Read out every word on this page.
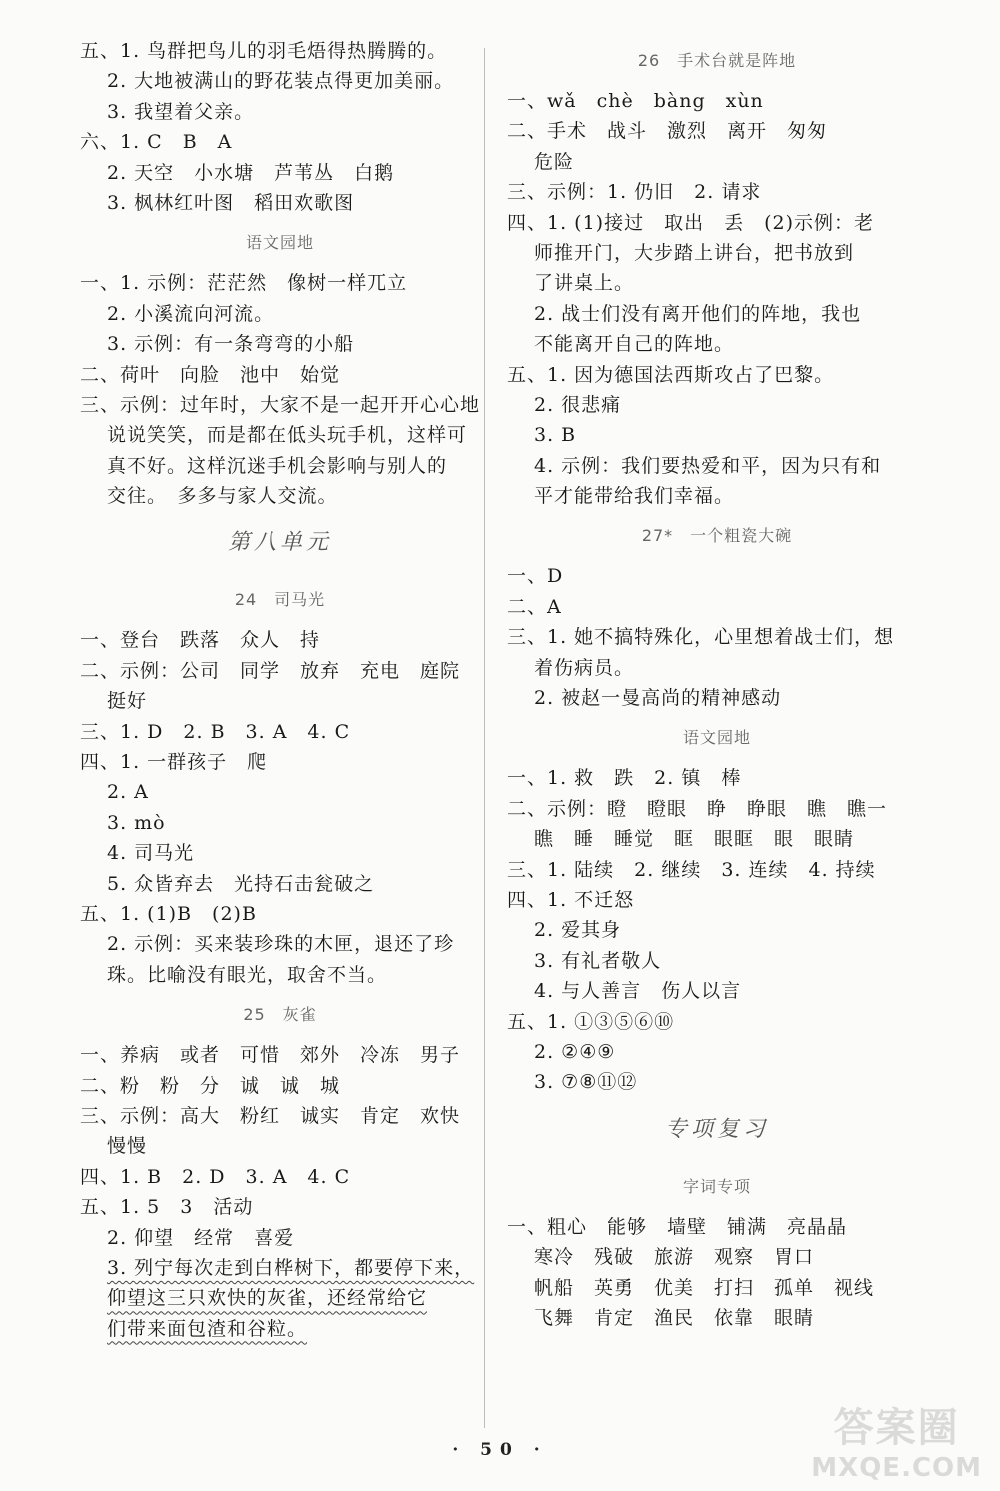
五、1. 鸟群把鸟儿的羽毛焐得热腾腾的。
2. 大地被满山的野花装点得更加美丽。
3. 我望着父亲。
六、1. C　B　A
2. 天空　小水塘　芦苇丛　白鹅
3. 枫林红叶图　稻田欢歌图
语文园地
一、1. 示例：茫茫然　像树一样兀立
2. 小溪流向河流。
3. 示例：有一条弯弯的小船
二、荷叶　向脸　池中　始觉
三、示例：过年时，大家不是一起开开心心地
说说笑笑，而是都在低头玩手机，这样可
真不好。这样沉迷手机会影响与别人的
交往。　多多与家人交流。
第八单元
24　司马光
一、登台　跌落　众人　持
二、示例：公司　同学　放弃　充电　庭院
挺好
三、1. D　2. B　3. A　4. C
四、1. 一群孩子　爬
2. A
3. mò
4. 司马光
5. 众皆弃去　光持石击瓮破之
五、1. (1)B　(2)B
2. 示例：买来装珍珠的木匣，退还了珍
珠。比喻没有眼光，取舍不当。
25　灰雀
一、养病　或者　可惜　郊外　冷冻　男子
二、粉　粉　分　诚　诚　城
三、示例：高大　粉红　诚实　肯定　欢快
慢慢
四、1. B　2. D　3. A　4. C
五、1. 5　3　活动
2. 仰望　经常　喜爱
3. 列宁每次走到白桦树下，都要停下来，
仰望这三只欢快的灰雀，还经常给它
们带来面包渣和谷粒。
26　手术台就是阵地
一、wǎ　chè　bàng　xùn
二、手术　战斗　激烈　离开　匆匆
危险
三、示例：1. 仍旧　2. 请求
四、1. (1)接过　取出　丢　(2)示例：老
师推开门，大步踏上讲台，把书放到
了讲桌上。
2. 战士们没有离开他们的阵地，我也
不能离开自己的阵地。
五、1. 因为德国法西斯攻占了巴黎。
2. 很悲痛
3. B
4. 示例：我们要热爱和平，因为只有和
平才能带给我们幸福。
27*　一个粗瓷大碗
一、D
二、A
三、1. 她不搞特殊化，心里想着战士们，想
着伤病员。
2. 被赵一曼高尚的精神感动
语文园地
一、1. 救　跌　2. 镇　棒
二、示例：瞪　瞪眼　睁　睁眼　瞧　瞧一
瞧　睡　睡觉　眶　眼眶　眼　眼睛
三、1. 陆续　2. 继续　3. 连续　4. 持续
四、1. 不迁怒
2. 爱其身
3. 有礼者敬人
4. 与人善言　伤人以言
五、1. ①③⑤⑥⑩
2. ②④⑨
3. ⑦⑧⑪⑫
专项复习
字词专项
一、粗心　能够　墙壁　铺满　亮晶晶
寒冷　残破　旅游　观察　胃口
帆船　英勇　优美　打扫　孤单　视线
飞舞　肯定　渔民　依靠　眼睛
· 50 ·	答案圈
MXQE.COM
